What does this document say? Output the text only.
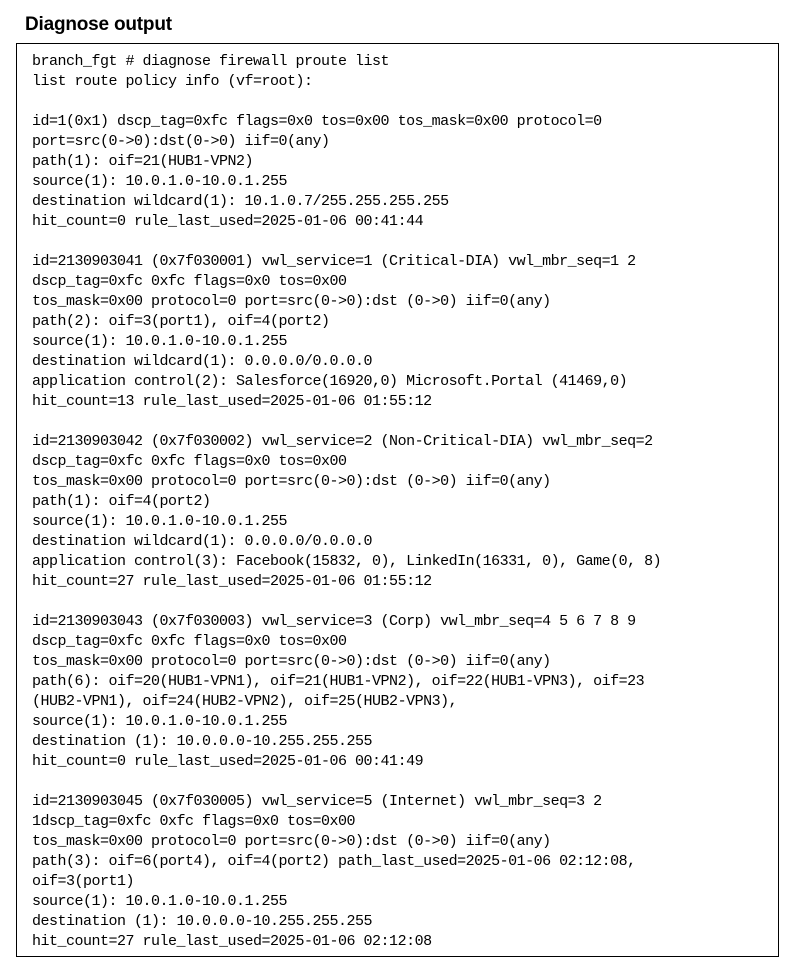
Diagnose output
branch_fgt # diagnose firewall proute list
list route policy info (vf=root):
id=1(0x1) dscp_tag=0xfc flags=0x0 tos=0x00 tos_mask=0x00 protocol=0
port=src(0->0):dst(0->0) iif=0(any)
path(1): oif=21(HUB1-VPN2)
source(1): 10.0.1.0-10.0.1.255
destination wildcard(1): 10.1.0.7/255.255.255.255
hit_count=0 rule_last_used=2025-01-06 00:41:44
id=2130903041 (0x7f030001) vwl_service=1 (Critical-DIA) vwl_mbr_seq=1 2
dscp_tag=0xfc 0xfc flags=0x0 tos=0x00
tos_mask=0x00 protocol=0 port=src(0->0):dst (0->0) iif=0(any)
path(2): oif=3(port1), oif=4(port2)
source(1): 10.0.1.0-10.0.1.255
destination wildcard(1): 0.0.0.0/0.0.0.0
application control(2): Salesforce(16920,0) Microsoft.Portal (41469,0)
hit_count=13 rule_last_used=2025-01-06 01:55:12
id=2130903042 (0x7f030002) vwl_service=2 (Non-Critical-DIA) vwl_mbr_seq=2
dscp_tag=0xfc 0xfc flags=0x0 tos=0x00
tos_mask=0x00 protocol=0 port=src(0->0):dst (0->0) iif=0(any)
path(1): oif=4(port2)
source(1): 10.0.1.0-10.0.1.255
destination wildcard(1): 0.0.0.0/0.0.0.0
application control(3): Facebook(15832, 0), LinkedIn(16331, 0), Game(0, 8)
hit_count=27 rule_last_used=2025-01-06 01:55:12
id=2130903043 (0x7f030003) vwl_service=3 (Corp) vwl_mbr_seq=4 5 6 7 8 9
dscp_tag=0xfc 0xfc flags=0x0 tos=0x00
tos_mask=0x00 protocol=0 port=src(0->0):dst (0->0) iif=0(any)
path(6): oif=20(HUB1-VPN1), oif=21(HUB1-VPN2), oif=22(HUB1-VPN3), oif=23
(HUB2-VPN1), oif=24(HUB2-VPN2), oif=25(HUB2-VPN3),
source(1): 10.0.1.0-10.0.1.255
destination (1): 10.0.0.0-10.255.255.255
hit_count=0 rule_last_used=2025-01-06 00:41:49
id=2130903045 (0x7f030005) vwl_service=5 (Internet) vwl_mbr_seq=3 2
1dscp_tag=0xfc 0xfc flags=0x0 tos=0x00
tos_mask=0x00 protocol=0 port=src(0->0):dst (0->0) iif=0(any)
path(3): oif=6(port4), oif=4(port2) path_last_used=2025-01-06 02:12:08,
oif=3(port1)
source(1): 10.0.1.0-10.0.1.255
destination (1): 10.0.0.0-10.255.255.255
hit_count=27 rule_last_used=2025-01-06 02:12:08
